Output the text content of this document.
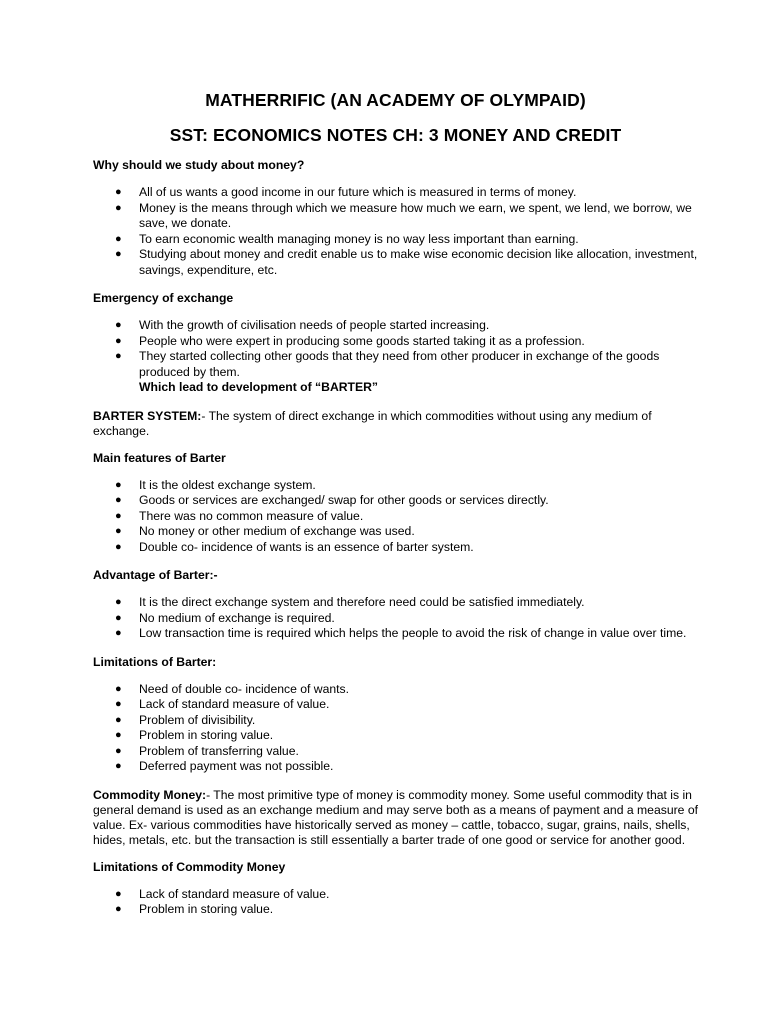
MATHERRIFIC (AN ACADEMY OF OLYMPAID)
SST: ECONOMICS NOTES CH: 3 MONEY AND CREDIT
Why should we study about money?
● All of us wants a good income in our future which is measured in terms of money.
● Money is the means through which we measure how much we earn, we spent, we lend, we borrow, we save, we donate.
● To earn economic wealth managing money is no way less important than earning.
● Studying about money and credit enable us to make wise economic decision like allocation, investment, savings, expenditure, etc.
Emergency of exchange
● With the growth of civilisation needs of people started increasing.
● People who were expert in producing some goods started taking it as a profession.
● They started collecting other goods that they need from other producer in exchange of the goods produced by them.
Which lead to development of “BARTER”

BARTER SYSTEM:- The system of direct exchange in which commodities without using any medium of exchange.

Main features of Barter
● It is the oldest exchange system.
● Goods or services are exchanged/ swap for other goods or services directly.
● There was no common measure of value.
● No money or other medium of exchange was used.
● Double co- incidence of wants is an essence of barter system.
Advantage of Barter:-
● It is the direct exchange system and therefore need could be satisfied immediately.
● No medium of exchange is required.
● Low transaction time is required which helps the people to avoid the risk of change in value over time.
Limitations of Barter:
● Need of double co- incidence of wants.
● Lack of standard measure of value.
● Problem of divisibility.
● Problem in storing value.
● Problem of transferring value.
● Deferred payment was not possible.

Commodity Money:- The most primitive type of money is commodity money. Some useful commodity that is in general demand is used as an exchange medium and may serve both as a means of payment and a measure of value. Ex- various commodities have historically served as money – cattle, tobacco, sugar, grains, nails, shells, hides, metals, etc. but the transaction is still essentially a barter trade of one good or service for another good.

Limitations of Commodity Money
● Lack of standard measure of value.
● Problem in storing value.
